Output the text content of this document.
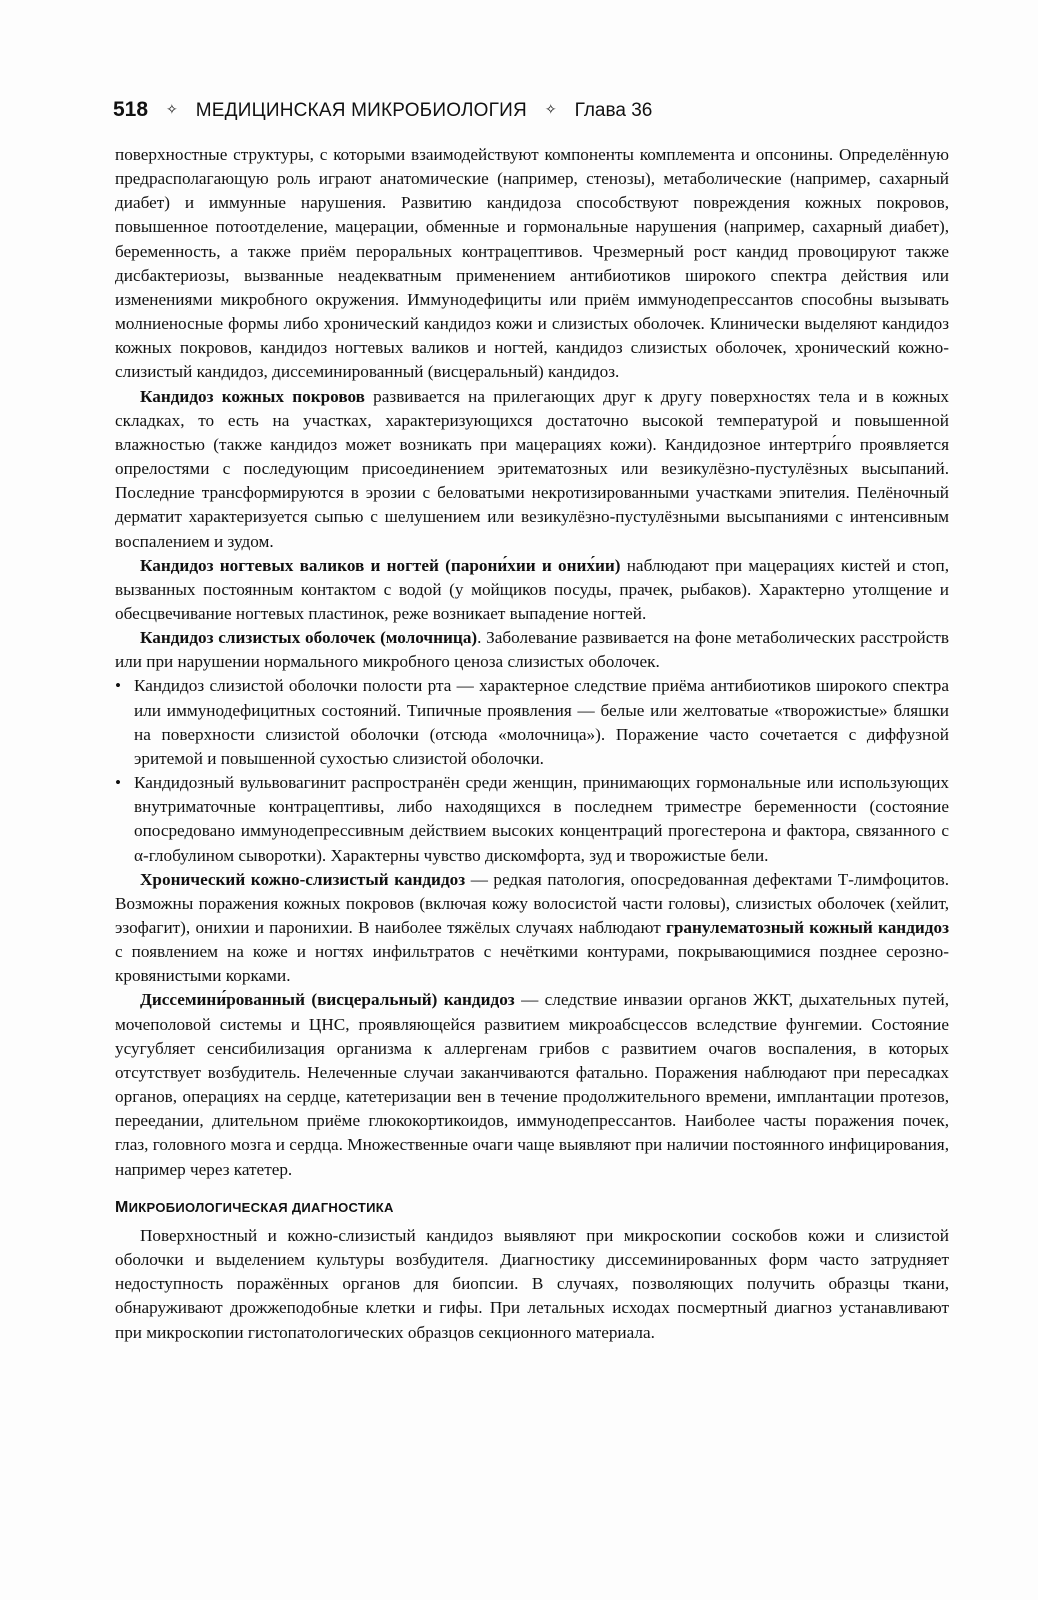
518 ✧ МЕДИЦИНСКАЯ МИКРОБИОЛОГИЯ ✧ Глава 36

поверхностные структуры, с которыми взаимодействуют компоненты комплемента и опсонины. Определённую предрасполагающую роль играют анатомические (например, стенозы), метаболические (например, сахарный диабет) и иммунные нарушения. Развитию кандидоза способствуют повреждения кожных покровов, повышенное потоотделение, мацерации, обменные и гормональные нарушения (например, сахарный диабет), беременность, а также приём пероральных контрацептивов. Чрезмерный рост кандид провоцируют также дисбактериозы, вызванные неадекватным применением антибиотиков широкого спектра действия или изменениями микробного окружения. Иммунодефициты или приём иммунодепрессантов способны вызывать молниеносные формы либо хронический кандидоз кожи и слизистых оболочек. Клинически выделяют кандидоз кожных покровов, кандидоз ногтевых валиков и ногтей, кандидоз слизистых оболочек, хронический кожно-слизистый кандидоз, диссеминированный (висцеральный) кандидоз.

Кандидоз кожных покровов развивается на прилегающих друг к другу поверхностях тела и в кожных складках, то есть на участках, характеризующихся достаточно высокой температурой и повышенной влажностью (также кандидоз может возникать при мацерациях кожи). Кандидозное интертри́го проявляется опрелостями с последующим присоединением эритематозных или везикулёзно-пустулёзных высыпаний. Последние трансформируются в эрозии с беловатыми некротизированными участками эпителия. Пелёночный дерматит характеризуется сыпью с шелушением или везикулёзно-пустулёзными высыпаниями с интенсивным воспалением и зудом.

Кандидоз ногтевых валиков и ногтей (парони́хии и оних́ии) наблюдают при мацерациях кистей и стоп, вызванных постоянным контактом с водой (у мойщиков посуды, прачек, рыбаков). Характерно утолщение и обесцвечивание ногтевых пластинок, реже возникает выпадение ногтей.

Кандидоз слизистых оболочек (молочница). Заболевание развивается на фоне метаболических расстройств или при нарушении нормального микробного ценоза слизистых оболочек.

• Кандидоз слизистой оболочки полости рта — характерное следствие приёма антибиотиков широкого спектра или иммунодефицитных состояний. Типичные проявления — белые или желтоватые «творожистые» бляшки на поверхности слизистой оболочки (отсюда «молочница»). Поражение часто сочетается с диффузной эритемой и повышенной сухостью слизистой оболочки.

• Кандидозный вульвовагинит распространён среди женщин, принимающих гормональные или использующих внутриматочные контрацептивы, либо находящихся в последнем триместре беременности (состояние опосредовано иммунодепрессивным действием высоких концентраций прогестерона и фактора, связанного с α-глобулином сыворотки). Характерны чувство дискомфорта, зуд и творожистые бели.

Хронический кожно-слизистый кандидоз — редкая патология, опосредованная дефектами Т-лимфоцитов. Возможны поражения кожных покровов (включая кожу волосистой части головы), слизистых оболочек (хейлит, эзофагит), онихии и паронихии. В наиболее тяжёлых случаях наблюдают гранулематозный кожный кандидоз с появлением на коже и ногтях инфильтратов с нечёткими контурами, покрывающимися позднее серозно-кровянистыми корками.

Диссемини́рованный (висцеральный) кандидоз — следствие инвазии органов ЖКТ, дыхательных путей, мочеполовой системы и ЦНС, проявляющейся развитием микроабсцессов вследствие фунгемии. Состояние усугубляет сенсибилизация организма к аллергенам грибов с развитием очагов воспаления, в которых отсутствует возбудитель. Нелеченные случаи заканчиваются фатально. Поражения наблюдают при пересадках органов, операциях на сердце, катетеризации вен в течение продолжительного времени, имплантации протезов, переедании, длительном приёме глюкокортикоидов, иммунодепрессантов. Наиболее часты поражения почек, глаз, головного мозга и сердца. Множественные очаги чаще выявляют при наличии постоянного инфицирования, например через катетер.

МИКРОБИОЛОГИЧЕСКАЯ ДИАГНОСТИКА

Поверхностный и кожно-слизистый кандидоз выявляют при микроскопии соскобов кожи и слизистой оболочки и выделением культуры возбудителя. Диагностику диссеминированных форм часто затрудняет недоступность поражённых органов для биопсии. В случаях, позволяющих получить образцы ткани, обнаруживают дрожжеподобные клетки и гифы. При летальных исходах посмертный диагноз устанавливают при микроскопии гистопатологических образцов секционного материала.
